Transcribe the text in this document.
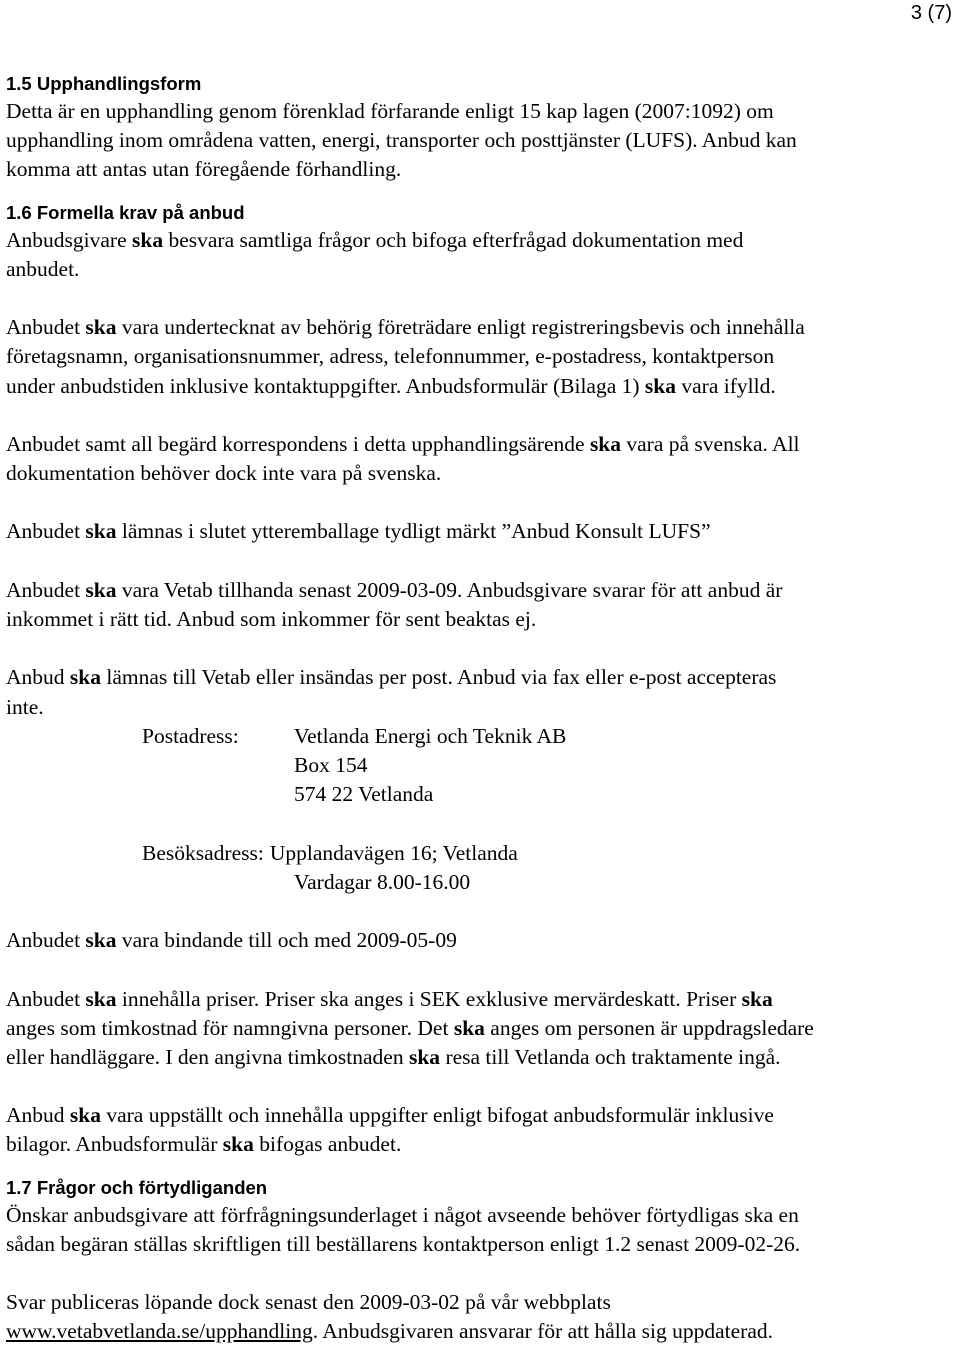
3 (7)
1.5 Upphandlingsform
Detta är en upphandling genom förenklad förfarande enligt 15 kap lagen (2007:1092) om
upphandling inom områdena vatten, energi, transporter och posttjänster (LUFS). Anbud kan
komma att antas utan föregående förhandling.
1.6 Formella krav på anbud
Anbudsgivare ska besvara samtliga frågor och bifoga efterfrågad dokumentation med
anbudet.
Anbudet ska vara undertecknat av behörig företrädare enligt registreringsbevis och innehålla
företagsnamn, organisationsnummer, adress, telefonnummer, e-postadress, kontaktperson
under anbudstiden inklusive kontaktuppgifter. Anbudsformulär (Bilaga 1) ska vara ifylld.
Anbudet samt all begärd korrespondens i detta upphandlingsärende ska vara på svenska. All
dokumentation behöver dock inte vara på svenska.
Anbudet ska lämnas i slutet ytteremballage tydligt märkt ”Anbud Konsult LUFS”
Anbudet ska vara Vetab tillhanda senast 2009-03-09. Anbudsgivare svarar för att anbud är
inkommet i rätt tid. Anbud som inkommer för sent beaktas ej.
Anbud ska lämnas till Vetab eller insändas per post. Anbud via fax eller e-post accepteras
inte.
Postadress:	Vetlanda Energi och Teknik AB
Box 154
574 22 Vetlanda
Besöksadress: Upplandavägen 16; Vetlanda
Vardagar 8.00-16.00
Anbudet ska vara bindande till och med 2009-05-09
Anbudet ska innehålla priser. Priser ska anges i SEK exklusive mervärdeskatt. Priser ska
anges som timkostnad för namngivna personer. Det ska anges om personen är uppdragsledare
eller handläggare. I den angivna timkostnaden ska resa till Vetlanda och traktamente ingå.
Anbud ska vara uppställt och innehålla uppgifter enligt bifogat anbudsformulär inklusive
bilagor. Anbudsformulär ska bifogas anbudet.
1.7 Frågor och förtydliganden
Önskar anbudsgivare att förfrågningsunderlaget i något avseende behöver förtydligas ska en
sådan begäran ställas skriftligen till beställarens kontaktperson enligt 1.2 senast 2009-02-26.
Svar publiceras löpande dock senast den 2009-03-02 på vår webbplats
www.vetabvetlanda.se/upphandling. Anbudsgivaren ansvarar för att hålla sig uppdaterad.
